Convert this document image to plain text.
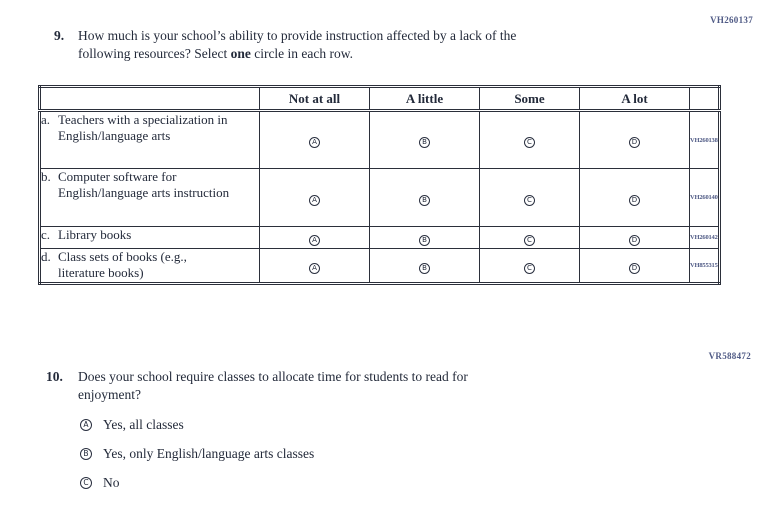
VH260137
9.	How much is your school’s ability to provide instruction affected by a lack of the
following resources? Select one circle in each row.
	Not at all	A little	Some	A lot	

a. Teachers with a specialization in English/language arts	A	B	C	D	VH260138

b. Computer software for English/language arts instruction	A	B	C	D	VH260140

c. Library books	A	B	C	D	VH260142

d. Class sets of books (e.g., literature books)	A	B	C	D	VH855315
VR588472
10.	Does your school require classes to allocate time for students to read for
enjoyment?
A Yes, all classes
B Yes, only English/language arts classes
C No
